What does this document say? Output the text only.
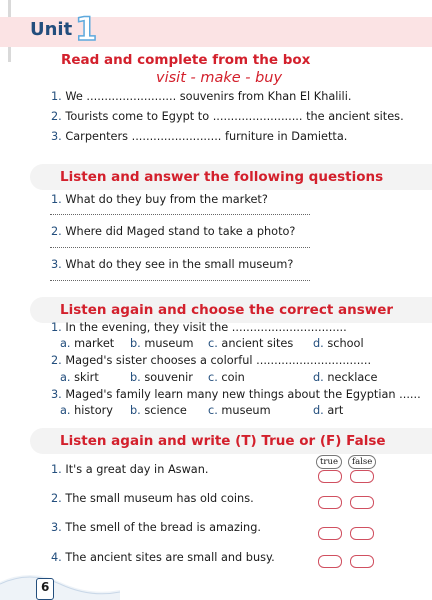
Unit 1
Read and complete from the box
visit - make - buy
1. We ......................... souvenirs from Khan El Khalili.
2. Tourists come to Egypt to ......................... the ancient sites.
3. Carpenters ......................... furniture in Damietta.
Listen and answer the following questions
1. What do they buy from the market?
2. Where did Maged stand to take a photo?
3. What do they see in the small museum?
Listen again and choose the correct answer
1. In the evening, they visit the ................................
a. market b. museum c. ancient sites d. school
2. Maged's sister chooses a colorful ................................
a. skirt	b. souvenir c. coin	d. necklace
3. Maged's family learn many new things about the Egyptian ......
a. history b. science c. museum	d. art
Listen again and write (T) True or (F) False
true	false
1. It's a great day in Aswan.
2. The small museum has old coins.
3. The smell of the bread is amazing.
4. The ancient sites are small and busy.
6
